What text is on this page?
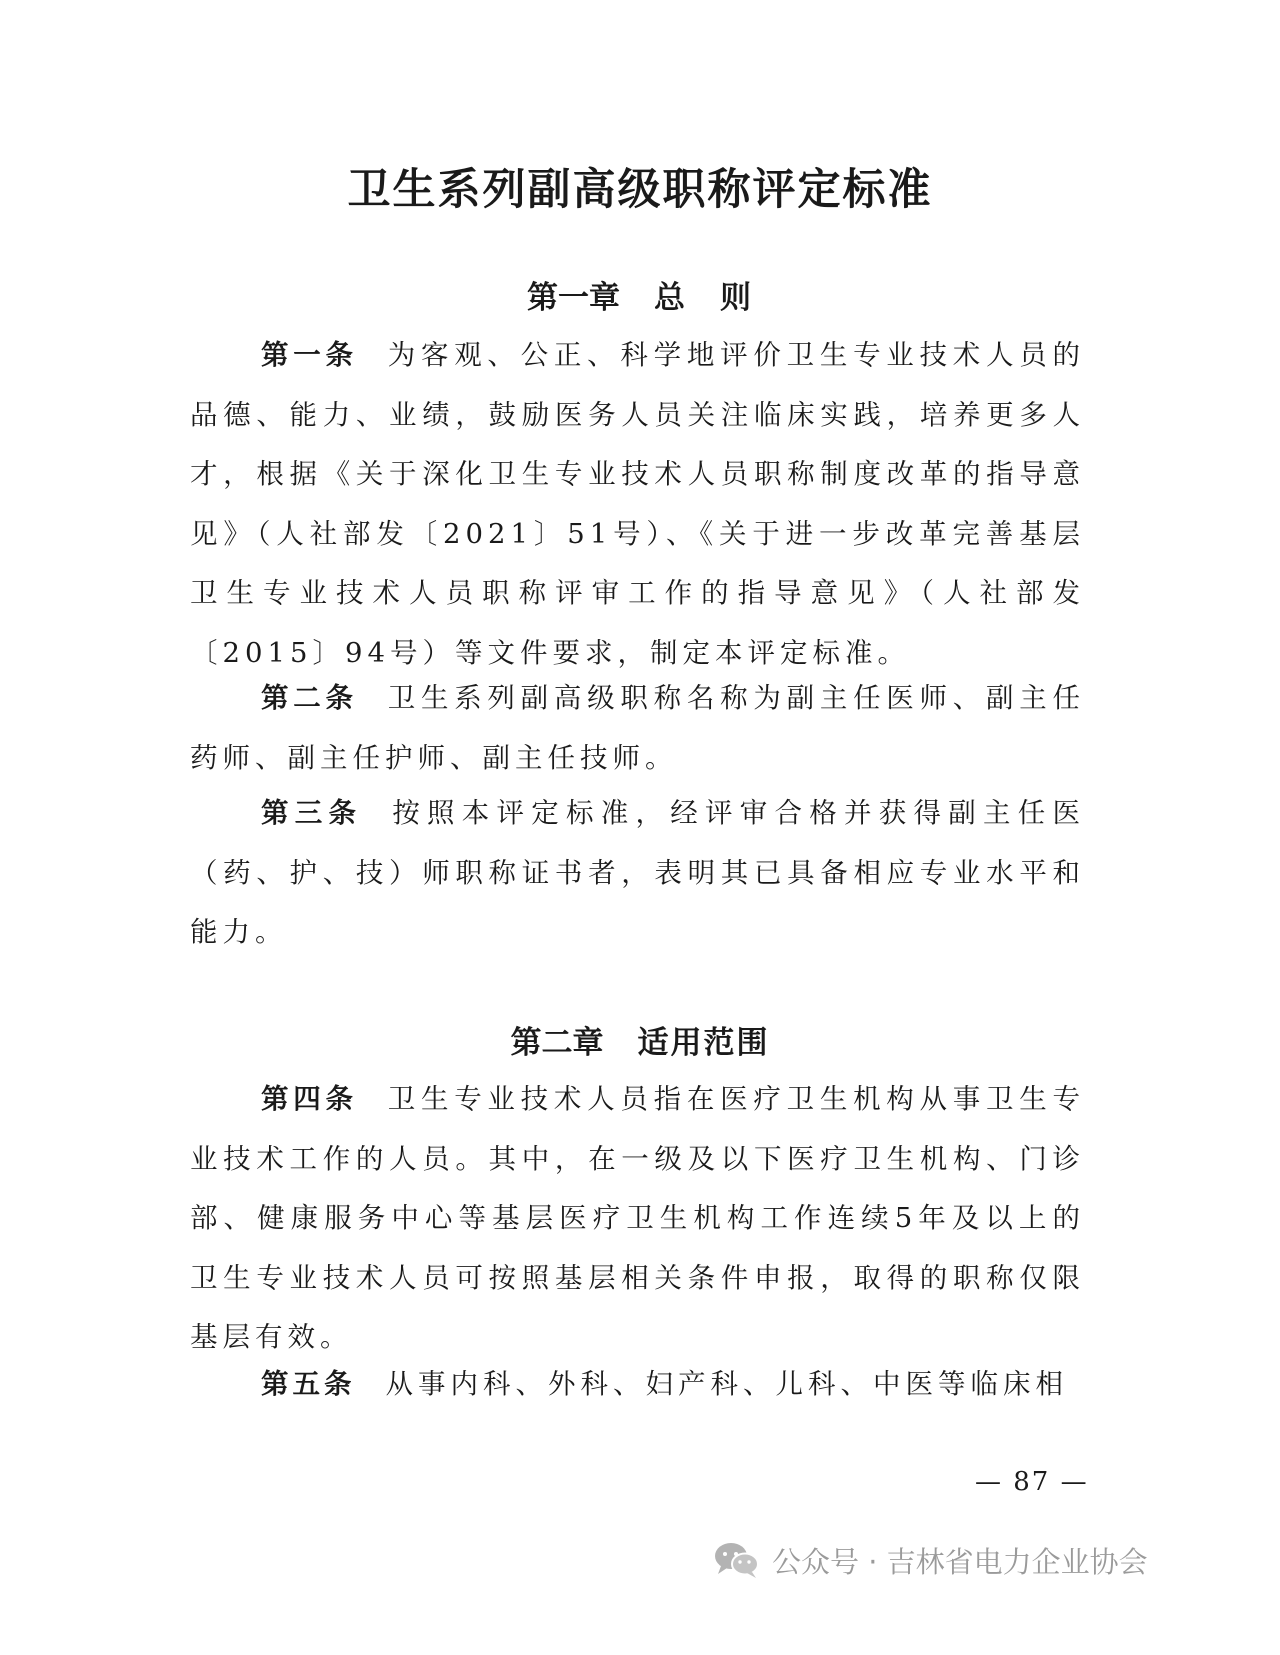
卫生系列副高级职称评定标准
第一章 总　则

第一条 为客观、公正、科学地评价卫生专业技术人员的品德、能力、业绩，鼓励医务人员关注临床实践，培养更多人才，根据《关于深化卫生专业技术人员职称制度改革的指导意见》（人社部发〔2021〕51号）、《关于进一步改革完善基层卫生专业技术人员职称评审工作的指导意见》（人社部发〔2015〕94号）等文件要求，制定本评定标准。

第二条 卫生系列副高级职称名称为副主任医师、副主任药师、副主任护师、副主任技师。

第三条 按照本评定标准，经评审合格并获得副主任医（药、护、技）师职称证书者，表明其已具备相应专业水平和能力。

第二章 适用范围

第四条 卫生专业技术人员指在医疗卫生机构从事卫生专业技术工作的人员。其中，在一级及以下医疗卫生机构、门诊部、健康服务中心等基层医疗卫生机构工作连续5年及以上的卫生专业技术人员可按照基层相关条件申报，取得的职称仅限基层有效。

第五条 从事内科、外科、妇产科、儿科、中医等临床相

— 87 —
公众号 · 吉林省电力企业协会
